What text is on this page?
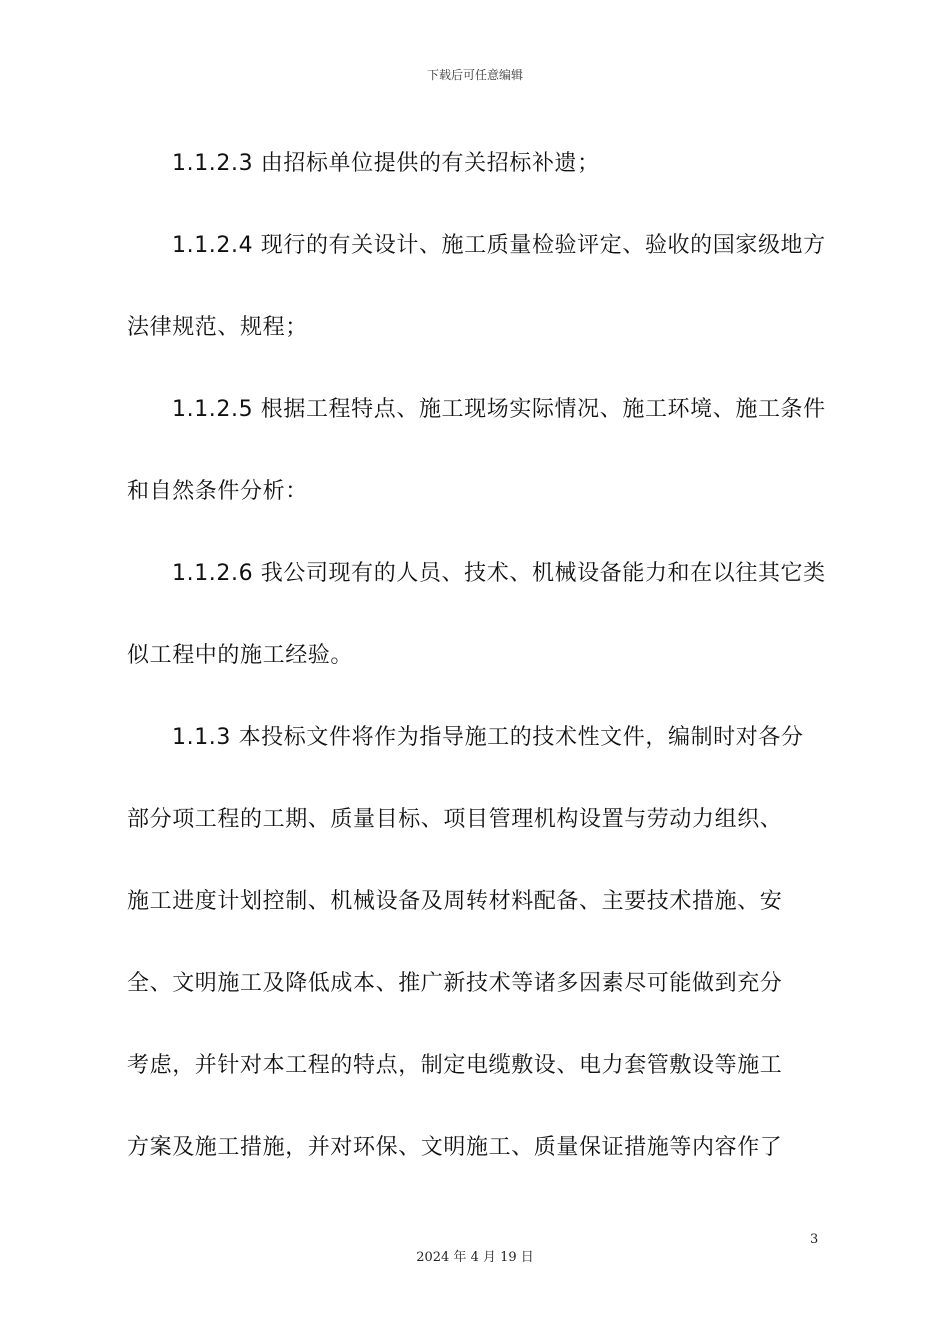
下载后可任意编辑
1.1.2.3 由招标单位提供的有关招标补遗；
1.1.2.4 现行的有关设计、施工质量检验评定、验收的国家级地方
法律规范、规程；
1.1.2.5 根据工程特点、施工现场实际情况、施工环境、施工条件
和自然条件分析：
1.1.2.6 我公司现有的人员、技术、机械设备能力和在以往其它类
似工程中的施工经验。
1.1.3 本投标文件将作为指导施工的技术性文件，编制时对各分
部分项工程的工期、质量目标、项目管理机构设置与劳动力组织、
施工进度计划控制、机械设备及周转材料配备、主要技术措施、安
全、文明施工及降低成本、推广新技术等诸多因素尽可能做到充分
考虑，并针对本工程的特点，制定电缆敷设、电力套管敷设等施工
方案及施工措施，并对环保、文明施工、质量保证措施等内容作了
3
2024 年 4 月 19 日
